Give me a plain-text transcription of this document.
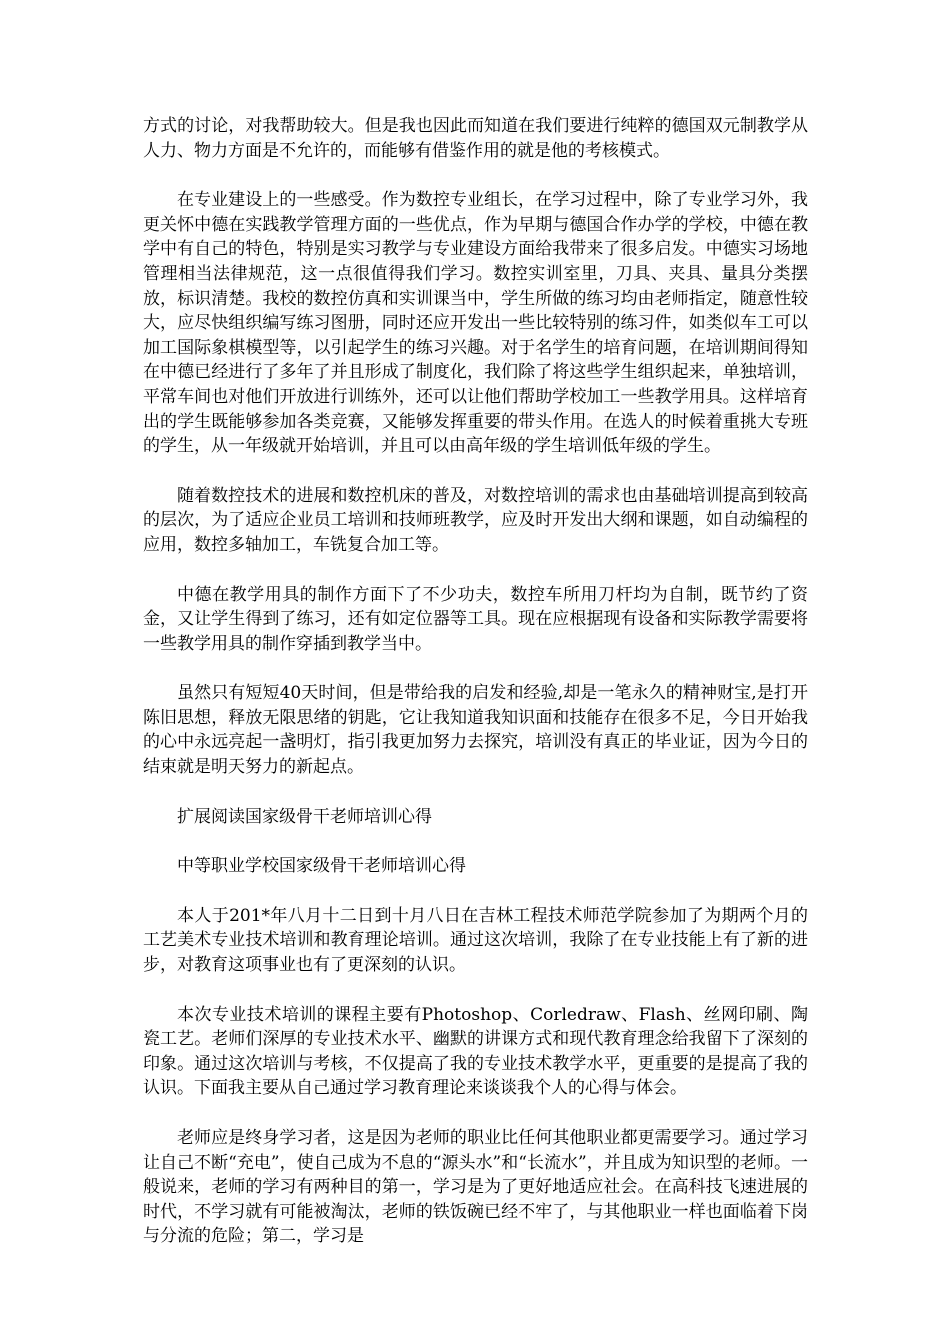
方式的讨论，对我帮助较大。但是我也因此而知道在我们要进行纯粹的德国双元制教学从人力、物力方面是不允许的，而能够有借鉴作用的就是他的考核模式。

在专业建设上的一些感受。作为数控专业组长，在学习过程中，除了专业学习外，我更关怀中德在实践教学管理方面的一些优点，作为早期与德国合作办学的学校，中德在教学中有自己的特色，特别是实习教学与专业建设方面给我带来了很多启发。中德实习场地管理相当法律规范，这一点很值得我们学习。数控实训室里，刀具、夹具、量具分类摆放，标识清楚。我校的数控仿真和实训课当中，学生所做的练习均由老师指定，随意性较大，应尽快组织编写练习图册，同时还应开发出一些比较特别的练习件，如类似车工可以加工国际象棋模型等，以引起学生的练习兴趣。对于名学生的培育问题，在培训期间得知在中德已经进行了多年了并且形成了制度化，我们除了将这些学生组织起来，单独培训，平常车间也对他们开放进行训练外，还可以让他们帮助学校加工一些教学用具。这样培育出的学生既能够参加各类竞赛，又能够发挥重要的带头作用。在选人的时候着重挑大专班的学生，从一年级就开始培训，并且可以由高年级的学生培训低年级的学生。

随着数控技术的进展和数控机床的普及，对数控培训的需求也由基础培训提高到较高的层次，为了适应企业员工培训和技师班教学，应及时开发出大纲和课题，如自动编程的应用，数控多轴加工，车铣复合加工等。

中德在教学用具的制作方面下了不少功夫，数控车所用刀杆均为自制，既节约了资金，又让学生得到了练习，还有如定位器等工具。现在应根据现有设备和实际教学需要将一些教学用具的制作穿插到教学当中。

虽然只有短短40天时间，但是带给我的启发和经验,却是一笔永久的精神财宝,是打开陈旧思想，释放无限思绪的钥匙，它让我知道我知识面和技能存在很多不足，今日开始我的心中永远亮起一盏明灯，指引我更加努力去探究，培训没有真正的毕业证，因为今日的结束就是明天努力的新起点。

扩展阅读国家级骨干老师培训心得

中等职业学校国家级骨干老师培训心得

本人于201*年八月十二日到十月八日在吉林工程技术师范学院参加了为期两个月的工艺美术专业技术培训和教育理论培训。通过这次培训，我除了在专业技能上有了新的进步，对教育这项事业也有了更深刻的认识。

本次专业技术培训的课程主要有Photoshop、Corledraw、Flash、丝网印刷、陶瓷工艺。老师们深厚的专业技术水平、幽默的讲课方式和现代教育理念给我留下了深刻的印象。通过这次培训与考核，不仅提高了我的专业技术教学水平，更重要的是提高了我的认识。下面我主要从自己通过学习教育理论来谈谈我个人的心得与体会。

老师应是终身学习者，这是因为老师的职业比任何其他职业都更需要学习。通过学习让自己不断“充电”，使自己成为不息的“源头水”和“长流水”，并且成为知识型的老师。一般说来，老师的学习有两种目的第一，学习是为了更好地适应社会。在高科技飞速进展的时代，不学习就有可能被淘汰，老师的铁饭碗已经不牢了，与其他职业一样也面临着下岗与分流的危险；第二，学习是
